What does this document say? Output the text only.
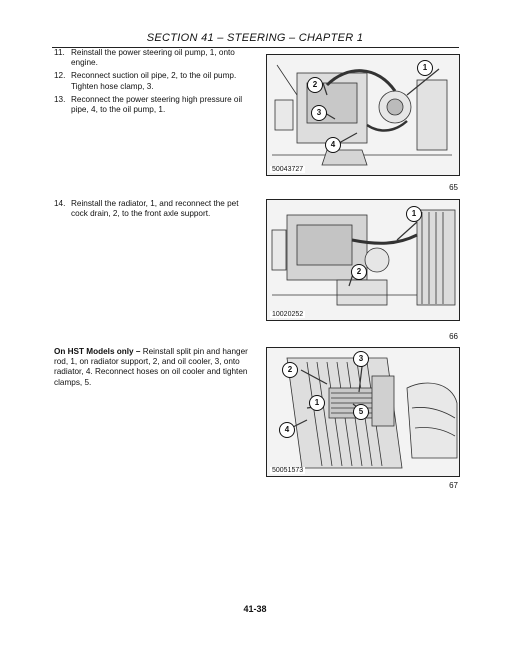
SECTION 41 – STEERING – CHAPTER 1
11. Reinstall the power steering oil pump, 1, onto engine.
12. Reconnect suction oil pipe, 2, to the oil pump. Tighten hose clamp, 3.
13. Reconnect the power steering high pressure oil pipe, 4, to the oil pump, 1.
1
2
3
4
50043727
65
14. Reinstall the radiator, 1, and reconnect the pet cock drain, 2, to the front axle support.	1
2
10020252
66
On HST Models only – Reinstall split pin and hanger rod, 1, on radiator support, 2, and oil cooler, 3, onto radiator, 4. Reconnect hoses on oil cooler and tighten clamps, 5.
3
2
1
5
4
50051573
67
41-38
